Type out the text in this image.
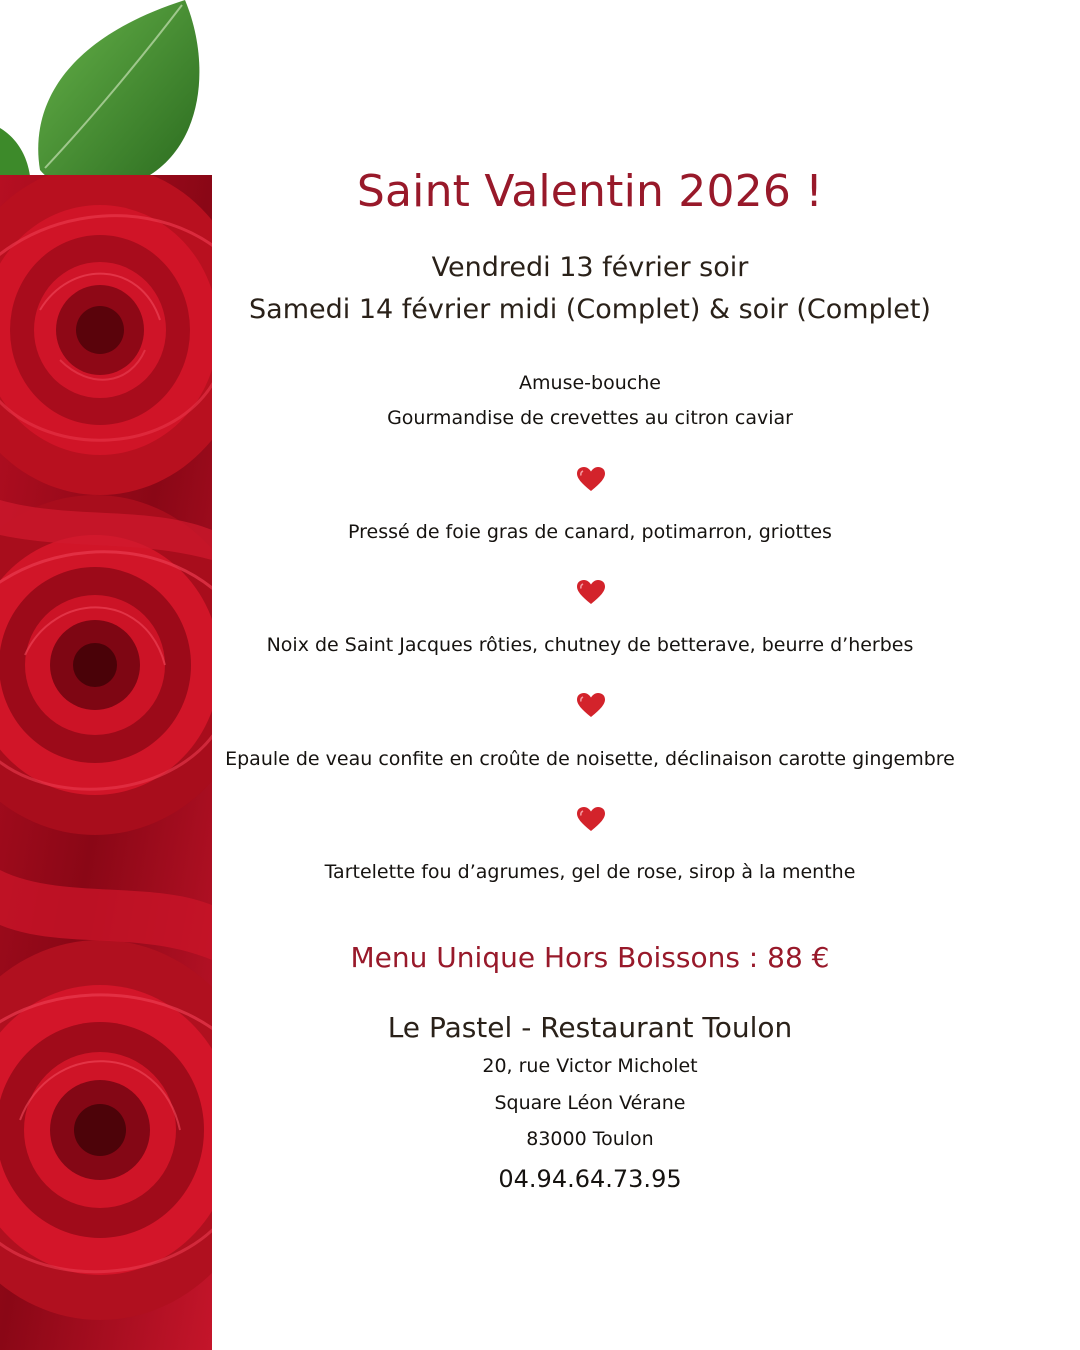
Saint Valentin 2026 !

Vendredi 13 février soir

Samedi 14 février midi (Complet) & soir (Complet)

Amuse-bouche

Gourmandise de crevettes au citron caviar

Pressé de foie gras de canard, potimarron, griottes

Noix de Saint Jacques rôties, chutney de betterave, beurre d’herbes

Epaule de veau confite en croûte de noisette, déclinaison carotte gingembre

Tartelette fou d’agrumes, gel de rose, sirop à la menthe

Menu Unique Hors Boissons : 88 €

Le Pastel - Restaurant Toulon

20, rue Victor Micholet

Square Léon Vérane

83000 Toulon

04.94.64.73.95
